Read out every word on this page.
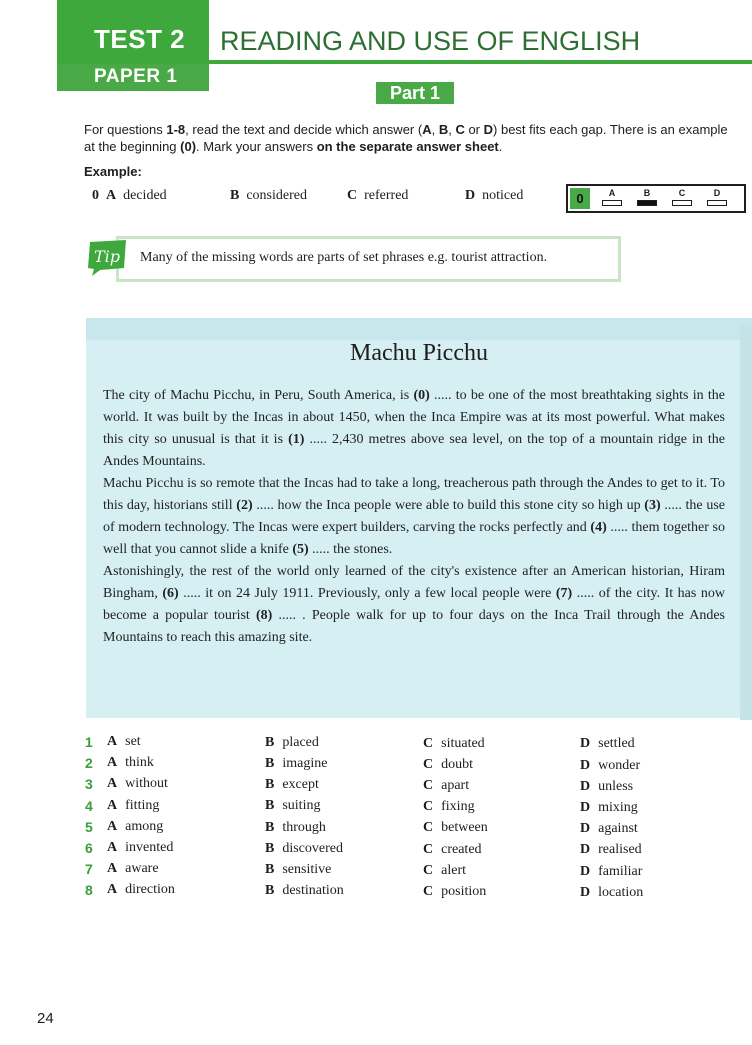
TEST 2 READING AND USE OF ENGLISH
PAPER 1
Part 1
For questions 1-8, read the text and decide which answer (A, B, C or D) best fits each gap. There is an example at the beginning (0). Mark your answers on the separate answer sheet.
Example:
0 A decided	B considered	C referred	D noticed	0	A	B	C	D
Tip Many of the missing words are parts of set phrases e.g. tourist attraction.
Machu Picchu

The city of Machu Picchu, in Peru, South America, is (0) ..... to be one of the most breathtaking sights in the world. It was built by the Incas in about 1450, when the Inca Empire was at its most powerful. What makes this city so unusual is that it is (1) ..... 2,430 metres above sea level, on the top of a mountain ridge in the Andes Mountains.

Machu Picchu is so remote that the Incas had to take a long, treacherous path through the Andes to get to it. To this day, historians still (2) ..... how the Inca people were able to build this stone city so high up (3) ..... the use of modern technology. The Incas were expert builders, carving the rocks perfectly and (4) ..... them together so well that you cannot slide a knife (5) ..... the stones.

Astonishingly, the rest of the world only learned of the city's existence after an American historian, Hiram Bingham, (6) ..... it on 24 July 1911. Previously, only a few local people were (7) ..... of the city. It has now become a popular tourist (8) ..... . People walk for up to four days on the Inca Trail through the Andes Mountains to reach this amazing site.

1 A set	B placed	C situated	D settled
2 A think	B imagine	C doubt	D wonder
3 A without	B except	C apart	D unless
4 A fitting	B suiting	C fixing	D mixing
5 A among	B through	C between	D against
6 A invented	B discovered	C created	D realised
7 A aware	B sensitive	C alert	D familiar
8 A direction	B destination	C position	D location
24
